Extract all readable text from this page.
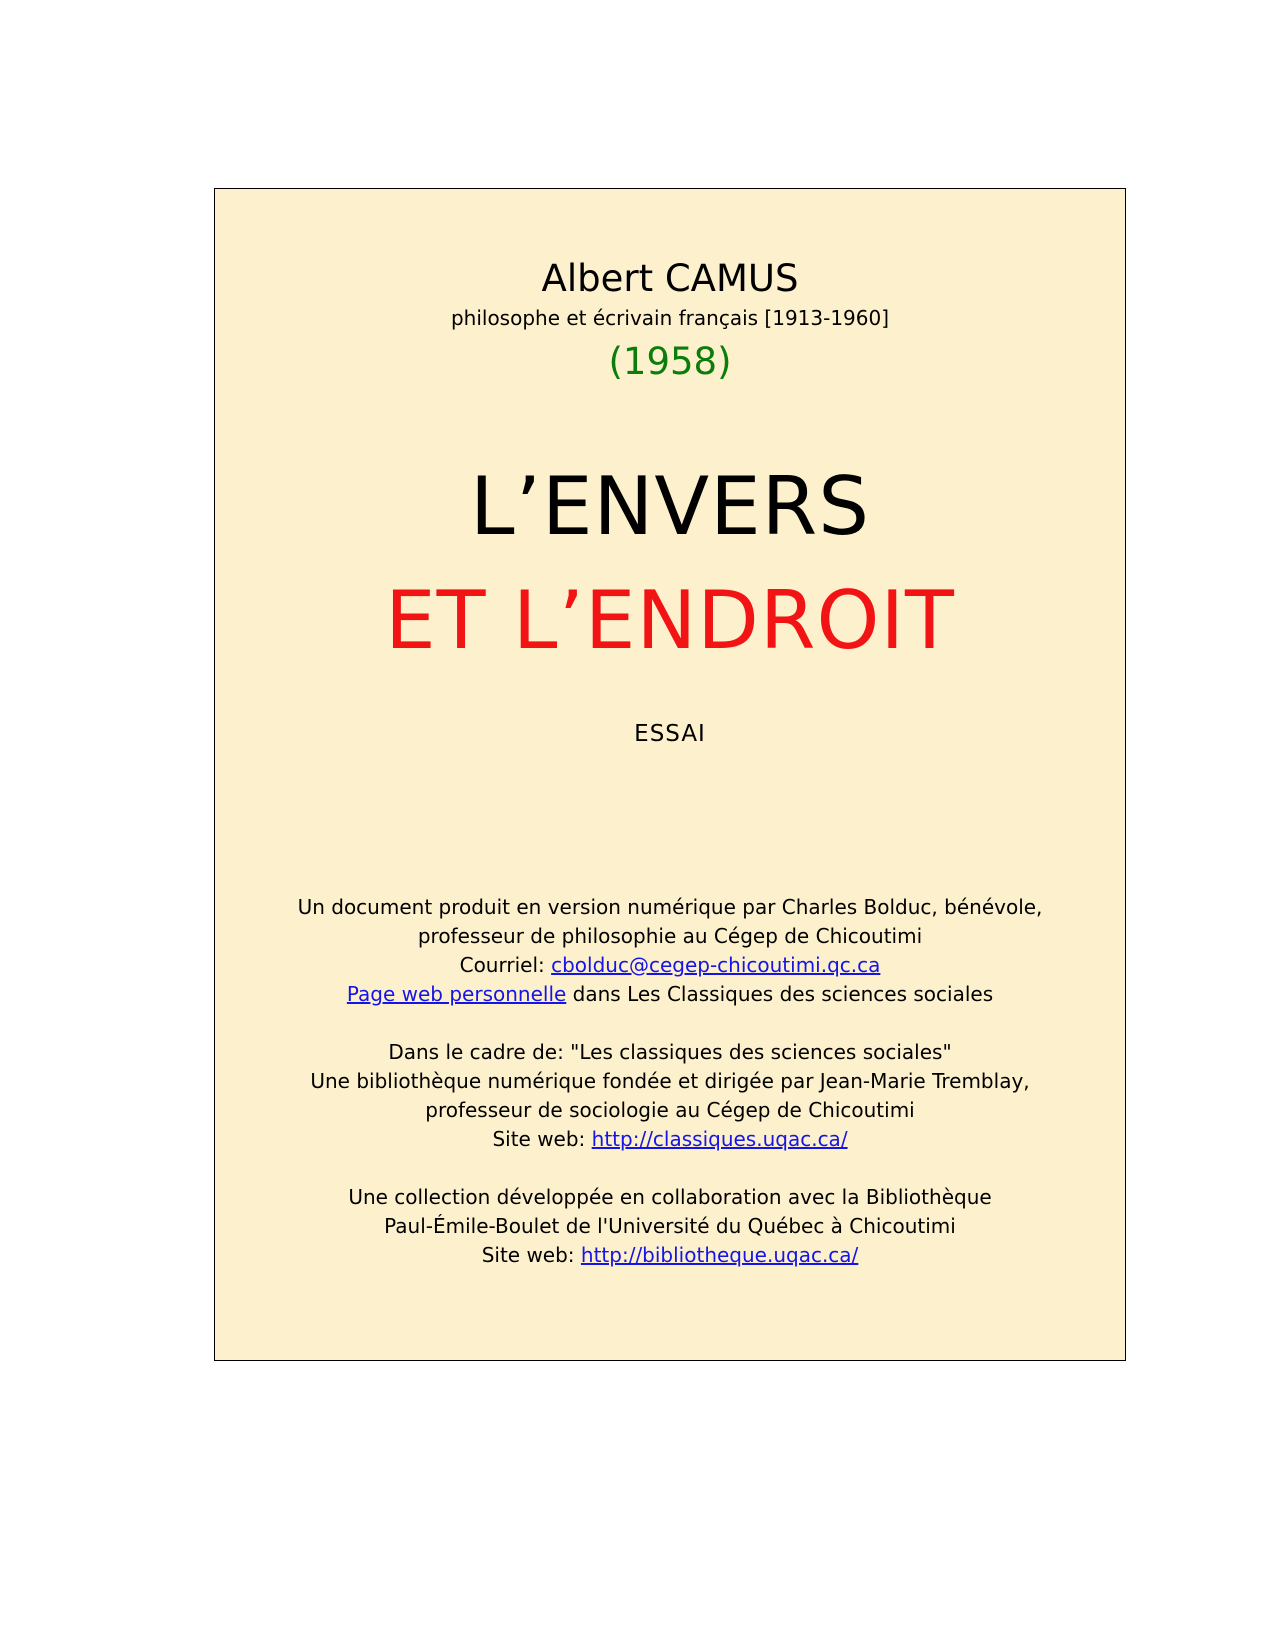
Albert CAMUS
philosophe et écrivain français [1913-1960]
(1958)
L’ENVERS
ET L’ENDROIT
ESSAI
Un document produit en version numérique par Charles Bolduc, bénévole,
professeur de philosophie au Cégep de Chicoutimi
Courriel: cbolduc@cegep-chicoutimi.qc.ca
Page web personnelle dans Les Classiques des sciences sociales
Dans le cadre de: "Les classiques des sciences sociales"
Une bibliothèque numérique fondée et dirigée par Jean-Marie Tremblay,
professeur de sociologie au Cégep de Chicoutimi
Site web: http://classiques.uqac.ca/
Une collection développée en collaboration avec la Bibliothèque
Paul-Émile-Boulet de l'Université du Québec à Chicoutimi
Site web: http://bibliotheque.uqac.ca/
